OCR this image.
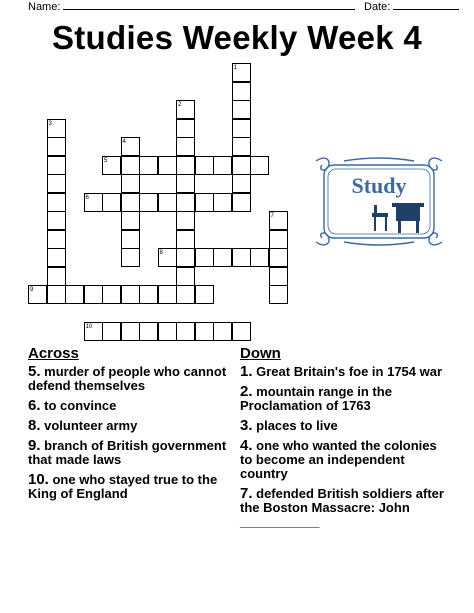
Name:	Date:
Studies Weekly Week 4
1
2
3
4
5
6
7
8
9
10
Study
Across
5. murder of people who cannot defend themselves
6. to convince
8. volunteer army
9. branch of British government that made laws
10. one who stayed true to the King of England
Down
1. Great Britain's foe in 1754 war
2. mountain range in the Proclamation of 1763
3. places to live
4. one who wanted the colonies to become an independent country
7. defended British soldiers after the Boston Massacre: John ___________
